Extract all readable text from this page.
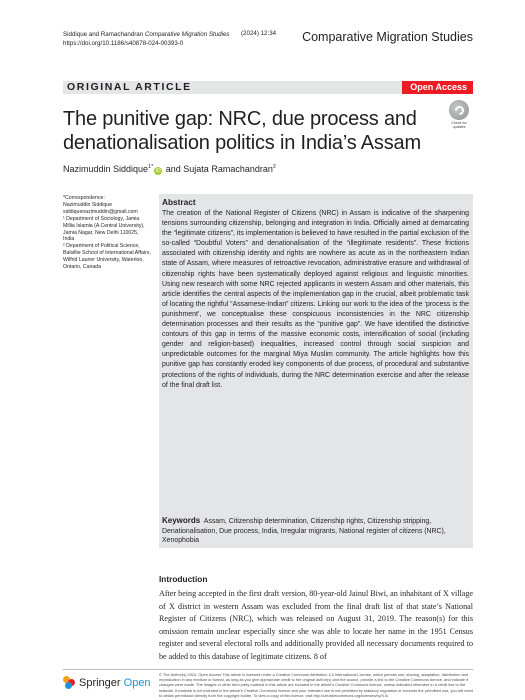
Siddique and Ramachandran Comparative Migration Studies
https://doi.org/10.1186/s40878-024-00393-0
(2024) 12:34 Comparative Migration Studies
ORIGINAL ARTICLE	Open Access
The punitive gap: NRC, due process and denationalisation politics in India’s Assam
Check for updates
Nazimuddin Siddique$^{1*}$iD and Sujata Ramachandran$^2$

*Correspondence:

Nazimuddin Siddique

siddiquenazimuddin@gmail.com

¹ Department of Sociology, Jamia Millia Islamia (A Central University), Jamia Nagar, New Delhi 110025, India

² Department of Political Science, Balsillie School of International Affairs, Wilfrid Laurier University, Waterloo, Ontario, Canada

Abstract

The creation of the National Register of Citizens (NRC) in Assam is indicative of the sharpening tensions surrounding citizenship, belonging and integration in India. Officially aimed at demarcating the “legitimate citizens”, its implementation is believed to have resulted in the partial exclusion of the so-called “Doubtful Voters” and denationalisation of the “illegitimate residents”. These frictions associated with citizenship identity and rights are nowhere as acute as in the northeastern Indian state of Assam, where measures of retroactive revocation, administrative erasure and withdrawal of citizenship rights have been systematically deployed against religious and linguistic minorities. Using new research with some NRC rejected applicants in western Assam and other materials, this article identifies the central aspects of the implementation gap in the crucial, albeit problematic task of locating the rightful “Assamese-Indian” citizens. Linking our work to the idea of the ‘process is the punishment’, we conceptualise these conspicuous inconsistencies in the NRC citizenship determination processes and their results as the “punitive gap”. We have identified the distinctive contours of this gap in terms of the massive economic costs, intensification of social (including gender and religion-based) inequalities, increased control through social suspicion and unpredictable outcomes for the marginal Miya Muslim community. The article highlights how this punitive gap has constantly eroded key components of due process, of procedural and substantive protections of the rights of individuals, during the NRC determination exercise and after the release of the final draft list.

Keywords Assam, Citizenship determination, Citizenship rights, Citizenship stripping, Denationalisation, Due process, India, Irregular migrants, National register of citizens (NRC), Xenophobia

Introduction

After being accepted in the first draft version, 80-year-old Jainul Biwi, an inhabitant of X village of X district in western Assam was excluded from the final draft list of that state’s National Register of Citizens (NRC), which was released on August 31, 2019. The reason(s) for this omission remain unclear especially since she was able to locate her name in the 1951 Census register and several electoral rolls and additionally provided all necessary documents required to be added to this database of legitimate citizens. 8 of

Springer Open

© The Author(s) 2024. Open Access This article is licensed under a Creative Commons Attribution 4.0 International License, which permits use, sharing, adaptation, distribution and reproduction in any medium or format, as long as you give appropriate credit to the original author(s) and the source, provide a link to the Creative Commons licence, and indicate if changes were made. The images or other third party material in this article are included in the article’s Creative Commons licence, unless indicated otherwise in a credit line to the material. If material is not included in the article’s Creative Commons licence and your intended use is not permitted by statutory regulation or exceeds the permitted use, you will need to obtain permission directly from the copyright holder. To view a copy of this licence, visit http://creativecommons.org/licenses/by/4.0/.
